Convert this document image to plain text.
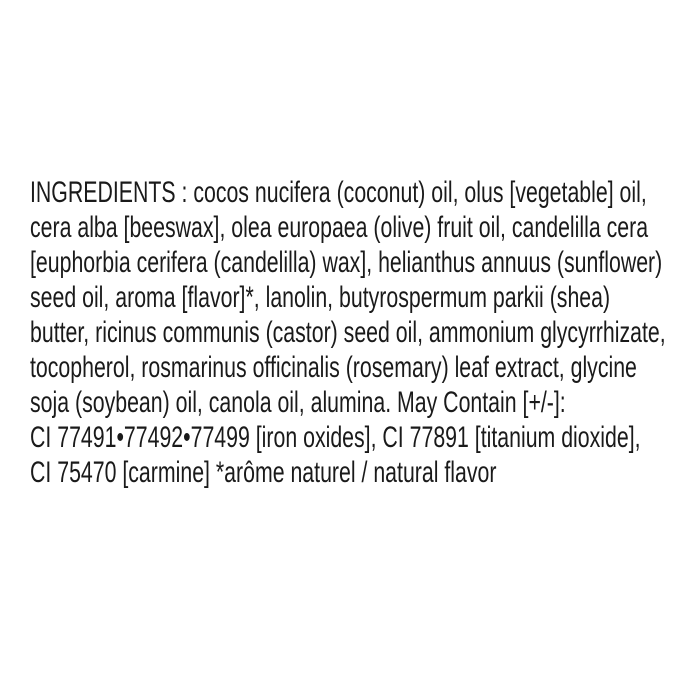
INGREDIENTS : cocos nucifera (coconut) oil, olus [vegetable] oil,
cera alba [beeswax], olea europaea (olive) fruit oil, candelilla cera
[euphorbia cerifera (candelilla) wax], helianthus annuus (sunflower)
seed oil, aroma [flavor]*, lanolin, butyrospermum parkii (shea)
butter, ricinus communis (castor) seed oil, ammonium glycyrrhizate,
tocopherol, rosmarinus officinalis (rosemary) leaf extract, glycine
soja (soybean) oil, canola oil, alumina. May Contain [+/-]:
CI 77491•77492•77499 [iron oxides], CI 77891 [titanium dioxide],
CI 75470 [carmine] *arôme naturel / natural flavor
